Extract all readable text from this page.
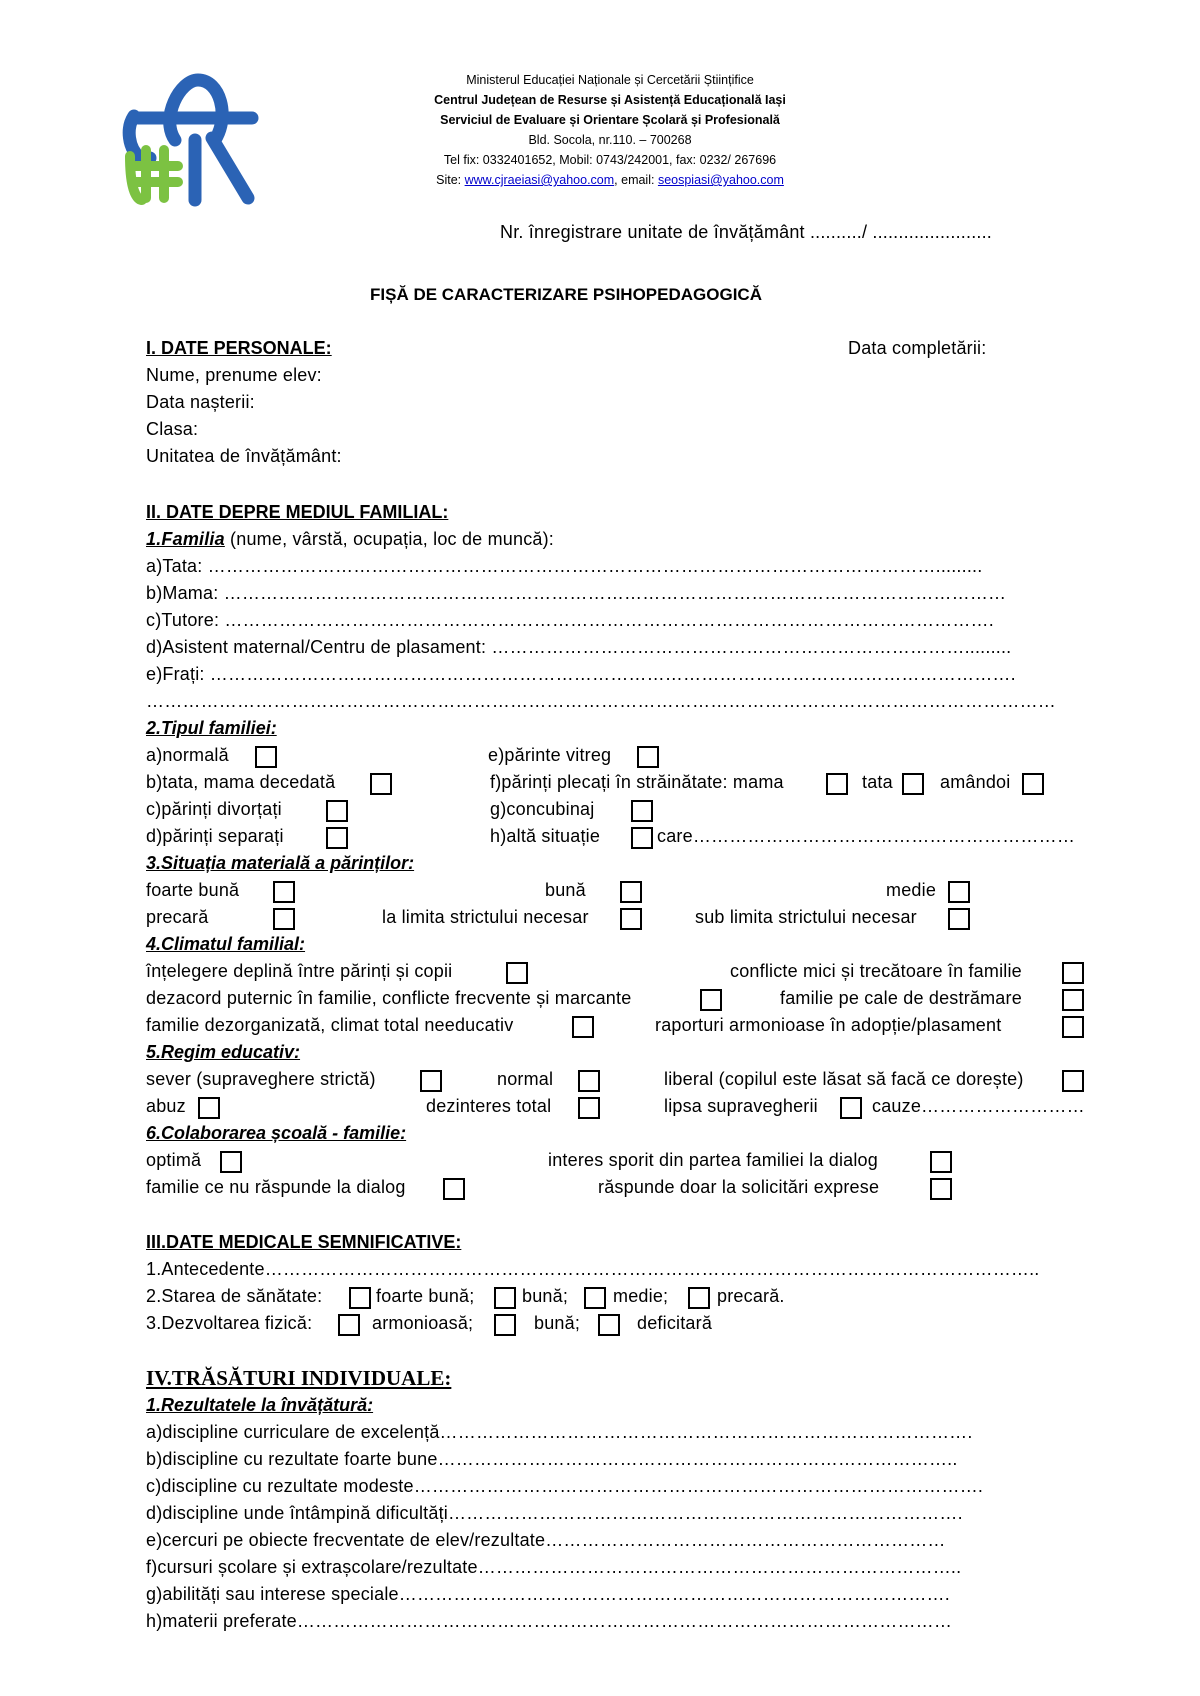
Ministerul Educației Naționale și Cercetării Științifice
Centrul Județean de Resurse și Asistență Educațională Iași
Serviciul de Evaluare și Orientare Școlară și Profesională
Bld. Socola, nr.110. – 700268
Tel fix: 0332401652, Mobil: 0743/242001, fax: 0232/ 267696
Site: www.cjraeiasi@yahoo.com, email: seospiasi@yahoo.com
Nr. înregistrare unitate de învățământ ........../ .......................
FIȘĂ DE CARACTERIZARE PSIHOPEDAGOGICĂ
I. DATE PERSONALE:	Data completării:
Nume, prenume elev:
Data nașterii:
Clasa:
Unitatea de învățământ:
II. DATE DEPRE MEDIUL FAMILIAL:
1.Familia (nume, vârstă, ocupația, loc de muncă):
a)Tata: ………………………………………………………………………………………………………….........
b)Mama: …………………………………………………………………………………………………………………
c)Tutore: ……………………………………………………………………………………………………………….
d)Asistent maternal/Centru de plasament: …………………………………………………………………….........
e)Frați: …………………………………………………………………………………………………………………….
……………………………………………………………………………………………………………………………………
2.Tipul familiei:
a)normală	e)părinte vitreg
b)tata, mama decedată	f)părinți plecați în străinătate: mama	tata	amândoi
c)părinți divorțați	g)concubinaj
d)părinți separați	h)altă situație	care………………………………………………………
3.Situația materială a părinților:
foarte bună	bună	medie
precară	la limita strictului necesar	sub limita strictului necesar
4.Climatul familial:
înțelegere deplină între părinți și copii	conflicte mici și trecătoare în familie
dezacord puternic în familie, conflicte frecvente și marcante	familie pe cale de destrămare
familie dezorganizată, climat total needucativ	raporturi armonioase în adopție/plasament
5.Regim educativ:
sever (supraveghere strictă)	normal	liberal (copilul este lăsat să facă ce dorește)
abuz	dezinteres total	lipsa supravegherii	cauze………………………
6.Colaborarea școală - familie:
optimă	interes sporit din partea familiei la dialog
familie ce nu răspunde la dialog	răspunde doar la solicitări exprese
III.DATE MEDICALE SEMNIFICATIVE:
1.Antecedente………………………………………………………………………………………………………………..
2.Starea de sănătate:	foarte bună;	bună; medie;	precară.
3.Dezvoltarea fizică:	armonioasă;	bună;	deficitară
IV.TRĂSĂTURI INDIVIDUALE:
1.Rezultatele la învățătură:
a)discipline curriculare de excelență…………………………………………………………………………….
b)discipline cu rezultate foarte bune…………………………………………………………………………..
c)discipline cu rezultate modeste………………………………………………………………………………….
d)discipline unde întâmpină dificultăți………………………………………………………………………….
e)cercuri pe obiecte frecventate de elev/rezultate…………………………………………………………
f)cursuri școlare și extrașcolare/rezultate……………………………………………………………………..
g)abilități sau interese speciale……………………………………………………………………………….
h)materii preferate………………………………………………………………………………………………
